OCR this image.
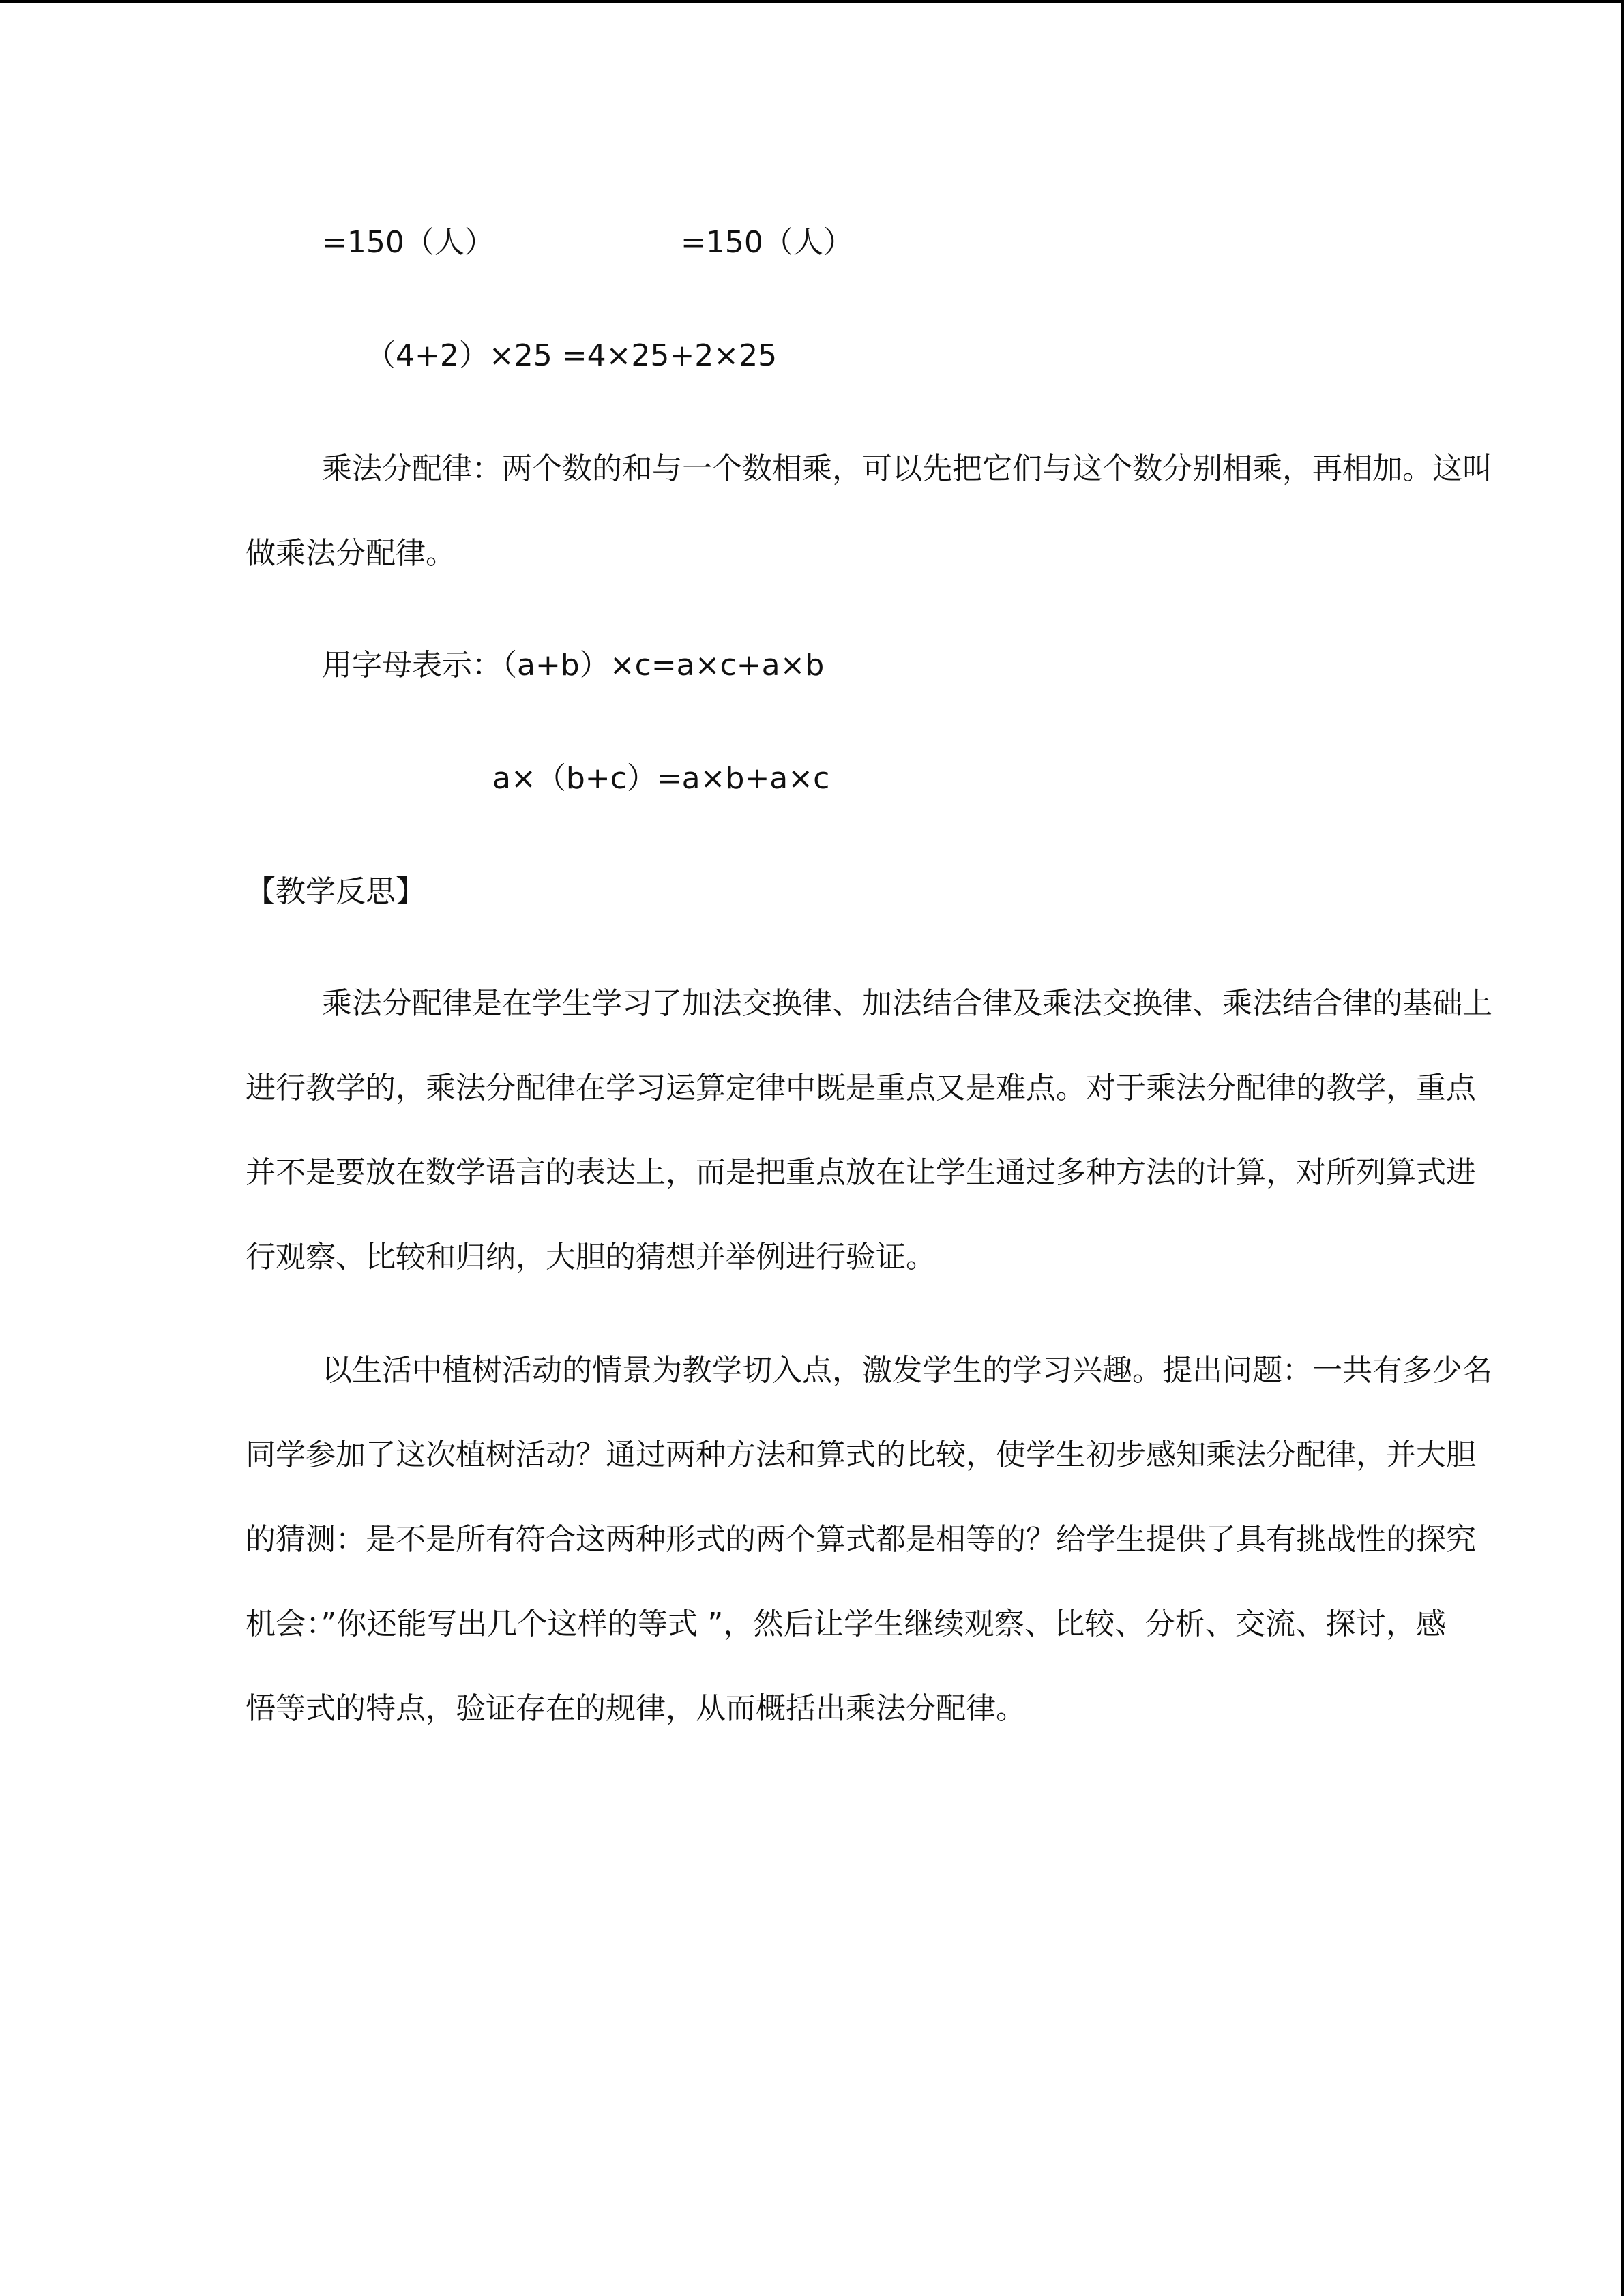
=150（人）	=150（人）
（4+2）×25 =4×25+2×25
乘法分配律：两个数的和与一个数相乘，可以先把它们与这个数分别相乘，再相加。这叫
做乘法分配律。
用字母表示：（a+b）×c=a×c+a×b
a×（b+c）=a×b+a×c
【教学反思】
乘法分配律是在学生学习了加法交换律、加法结合律及乘法交换律、乘法结合律的基础上
进行教学的，乘法分配律在学习运算定律中既是重点又是难点。对于乘法分配律的教学，重点
并不是要放在数学语言的表达上，而是把重点放在让学生通过多种方法的计算，对所列算式进
行观察、比较和归纳，大胆的猜想并举例进行验证。
以生活中植树活动的情景为教学切入点，激发学生的学习兴趣。提出问题：一共有多少名
同学参加了这次植树活动？通过两种方法和算式的比较，使学生初步感知乘法分配律，并大胆
的猜测：是不是所有符合这两种形式的两个算式都是相等的？给学生提供了具有挑战性的探究
机会：”你还能写出几个这样的等式 ”，然后让学生继续观察、比较、分析、交流、探讨，感
悟等式的特点，验证存在的规律，从而概括出乘法分配律。
